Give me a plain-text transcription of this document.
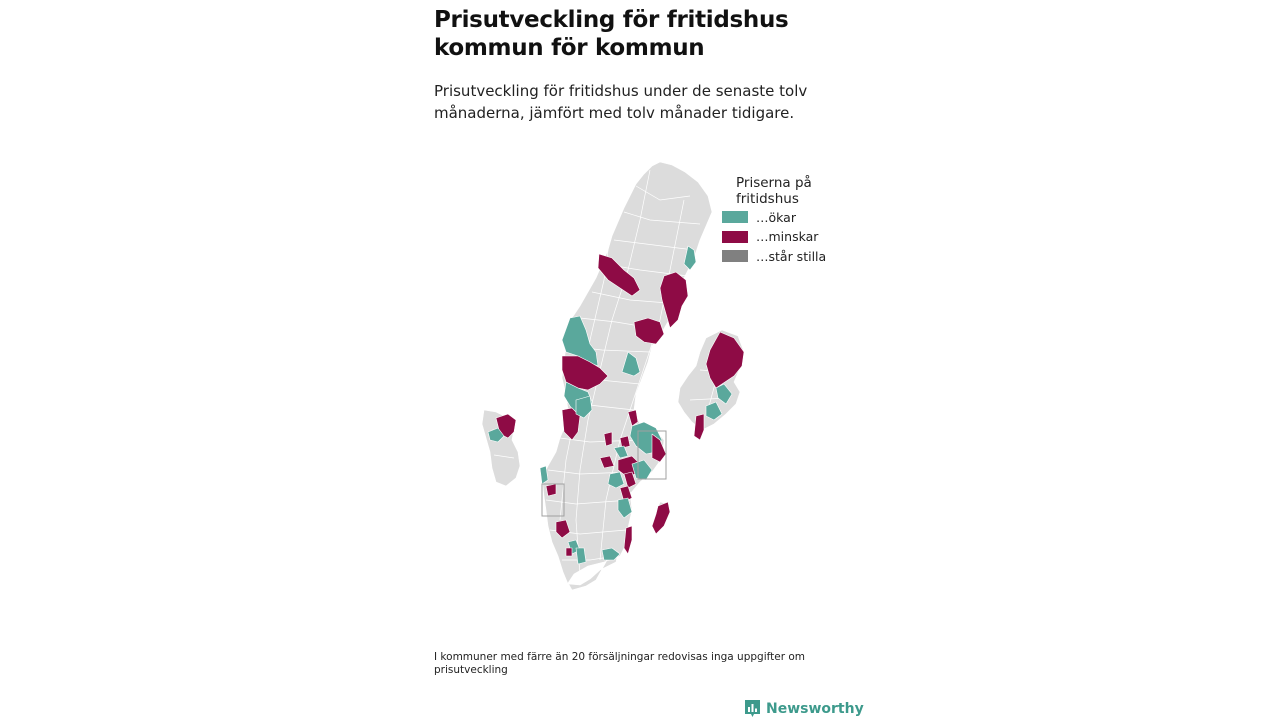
Prisutveckling för fritidshus kommun för kommun
Prisutveckling för fritidshus under de senaste tolv månaderna, jämfört med tolv månader tidigare.
Priserna på fritidshus
…ökar
…minskar
…står stilla
I kommuner med färre än 20 försäljningar redovisas inga uppgifter om prisutveckling
Newsworthy
